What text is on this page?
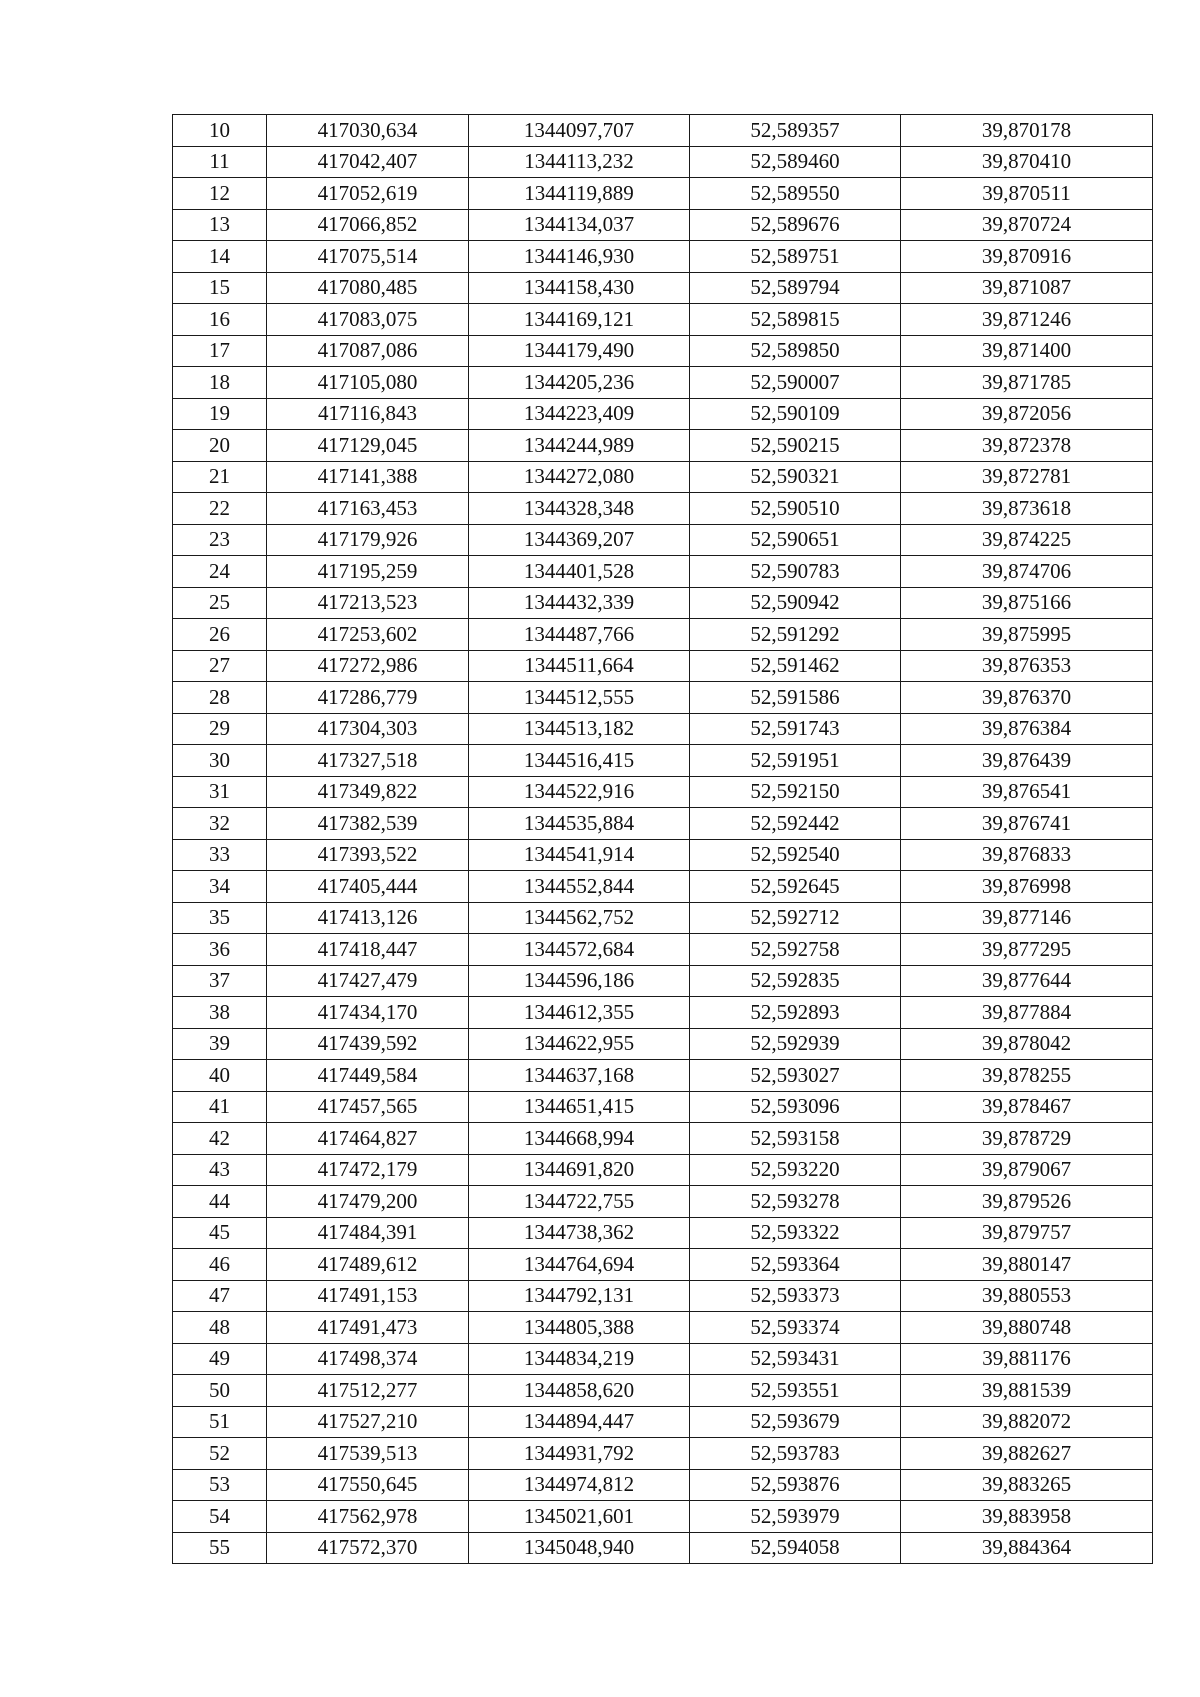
10	417030,634	1344097,707	52,589357	39,870178
11	417042,407	1344113,232	52,589460	39,870410
12	417052,619	1344119,889	52,589550	39,870511
13	417066,852	1344134,037	52,589676	39,870724
14	417075,514	1344146,930	52,589751	39,870916
15	417080,485	1344158,430	52,589794	39,871087
16	417083,075	1344169,121	52,589815	39,871246
17	417087,086	1344179,490	52,589850	39,871400
18	417105,080	1344205,236	52,590007	39,871785
19	417116,843	1344223,409	52,590109	39,872056
20	417129,045	1344244,989	52,590215	39,872378
21	417141,388	1344272,080	52,590321	39,872781
22	417163,453	1344328,348	52,590510	39,873618
23	417179,926	1344369,207	52,590651	39,874225
24	417195,259	1344401,528	52,590783	39,874706
25	417213,523	1344432,339	52,590942	39,875166
26	417253,602	1344487,766	52,591292	39,875995
27	417272,986	1344511,664	52,591462	39,876353
28	417286,779	1344512,555	52,591586	39,876370
29	417304,303	1344513,182	52,591743	39,876384
30	417327,518	1344516,415	52,591951	39,876439
31	417349,822	1344522,916	52,592150	39,876541
32	417382,539	1344535,884	52,592442	39,876741
33	417393,522	1344541,914	52,592540	39,876833
34	417405,444	1344552,844	52,592645	39,876998
35	417413,126	1344562,752	52,592712	39,877146
36	417418,447	1344572,684	52,592758	39,877295
37	417427,479	1344596,186	52,592835	39,877644
38	417434,170	1344612,355	52,592893	39,877884
39	417439,592	1344622,955	52,592939	39,878042
40	417449,584	1344637,168	52,593027	39,878255
41	417457,565	1344651,415	52,593096	39,878467
42	417464,827	1344668,994	52,593158	39,878729
43	417472,179	1344691,820	52,593220	39,879067
44	417479,200	1344722,755	52,593278	39,879526
45	417484,391	1344738,362	52,593322	39,879757
46	417489,612	1344764,694	52,593364	39,880147
47	417491,153	1344792,131	52,593373	39,880553
48	417491,473	1344805,388	52,593374	39,880748
49	417498,374	1344834,219	52,593431	39,881176
50	417512,277	1344858,620	52,593551	39,881539
51	417527,210	1344894,447	52,593679	39,882072
52	417539,513	1344931,792	52,593783	39,882627
53	417550,645	1344974,812	52,593876	39,883265
54	417562,978	1345021,601	52,593979	39,883958
55	417572,370	1345048,940	52,594058	39,884364
